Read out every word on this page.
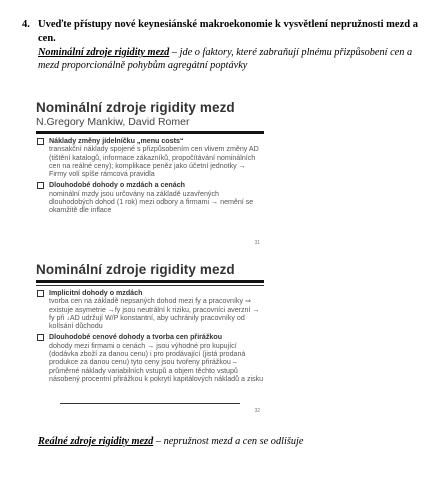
4. Uveďte přístupy nové keynesiánské makroekonomie k vysvětlení nepružnosti mezd a cen.
Nominální zdroje rigidity mezd – jde o faktory, které zabraňují plnému přizpůsobení cen a mezd proporcionálně pohybům agregátní poptávky
Nominální zdroje rigidity mezd
N.Gregory Mankiw, David Romer
Náklady změny jídelníčku „menu costs“
transakční náklady spojené s přizpůsobením cen vlivem změny AD (tištění katalogů, informace zákazníků, propočítávání nominálních cen na reálné ceny); komplikace peněz jako účetní jednotky → Firmy volí spíše rámcová pravidla
Dlouhodobé dohody o mzdách a cenách
nominální mzdy jsou určovány na základě uzavřených dlouhodobých dohod (1 rok) mezi odbory a firmami → nemění se okamžitě dle inflace
31
Nominální zdroje rigidity mezd
Implicitní dohody o mzdách
tvorba cen na základě nepsaných dohod mezi fy a pracovníky ⇒ existuje asymetrie →fy jsou neutrální k riziku, pracovníci averzní → fy při ↓AD udržují W/P konstantní, aby uchránily pracovníky od kolísání důchodu
Dlouhodobé cenové dohody a tvorba cen přirážkou
dohody mezi firmami o cenách → jsou výhodné pro kupující (dodávka zboží za danou cenu) i pro prodávající (jistá prodaná produkce za danou cenu) tyto ceny jsou tvořeny přirážkou – průměrné náklady variabilních vstupů a objem těchto vstupů násobený procentní přirážkou k pokrytí kapitálových nákladů a zisku
32
Reálné zdroje rigidity mezd – nepružnost mezd a cen se odlišuje
